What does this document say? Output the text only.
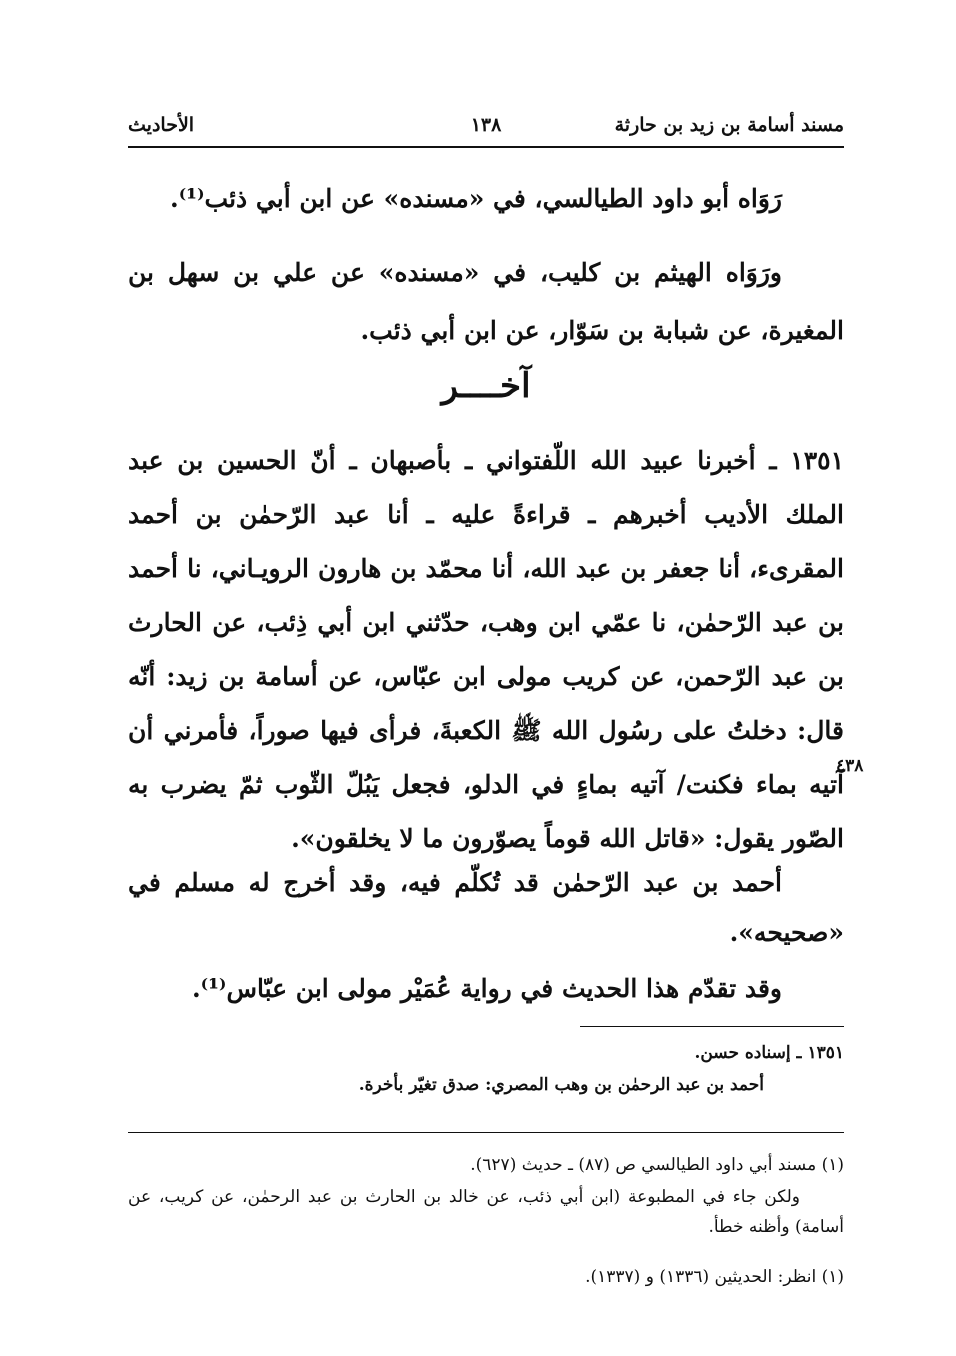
مسند أسامة بن زيد بن حارثة
١٣٨
الأحاديث
رَوَاه أبو داود الطيالسي، في «مسنده» عن ابن أبي ذئب⁽¹⁾.
ورَوَاه الهيثم بن كليب، في «مسنده» عن علي بن سهل بن المغيرة، عن شبابة بن سَوّار، عن ابن أبي ذئب.
آخــــر
١٣٥١ ـ أخبرنا عبيد الله اللّفتواني ـ بأصبهان ـ أنّ الحسين بن عبد الملك الأديب أخبرهم ـ قراءةً عليه ـ أنا عبد الرّحمٰن بن أحمد المقرىء، أنا جعفر بن عبد الله، أنا محمّد بن هارون الرويـاني، نا أحمد بن عبد الرّحمٰن، نا عمّي ابن وهب، حدّثني ابن أبي ذِئب، عن الحارث بن عبد الرّحمن، عن كريب مولى ابن عبّاس، عن أسامة بن زيد: أنّه قال: دخلتُ على رسُول الله ﷺ الكعبةَ، فرأى فيها صوراً، فأمرني أن آتيه بماء فكنت/ آتيه بماءٍ في الدلو، فجعل يَبُلّ الثّوب ثمّ يضرب به الصّور يقول: «قاتل الله قوماً يصوّرون ما لا يخلقون».
٤٣٨
أحمد بن عبد الرّحمٰن قد تُكلّم فيه، وقد أخرج له مسلم في «صحيحه».
وقد تقدّم هذا الحديث في رواية عُمَيْر مولى ابن عبّاس⁽¹⁾.
١٣٥١ ـ إسناده حسن.
أحمد بن عبد الرحمٰن بن وهب المصري: صدق تغيّر بأخرة.
(١) مسند أبي داود الطيالسي ص (٨٧) ـ حديث (٦٢٧).
ولكن جاء في المطبوعة (ابن أبي ذئب، عن خالد بن الحارث بن عبد الرحمٰن، عن كريب، عن أسامة) وأظنه خطأ.
(١) انظر: الحديثين (١٣٣٦) و (١٣٣٧).
